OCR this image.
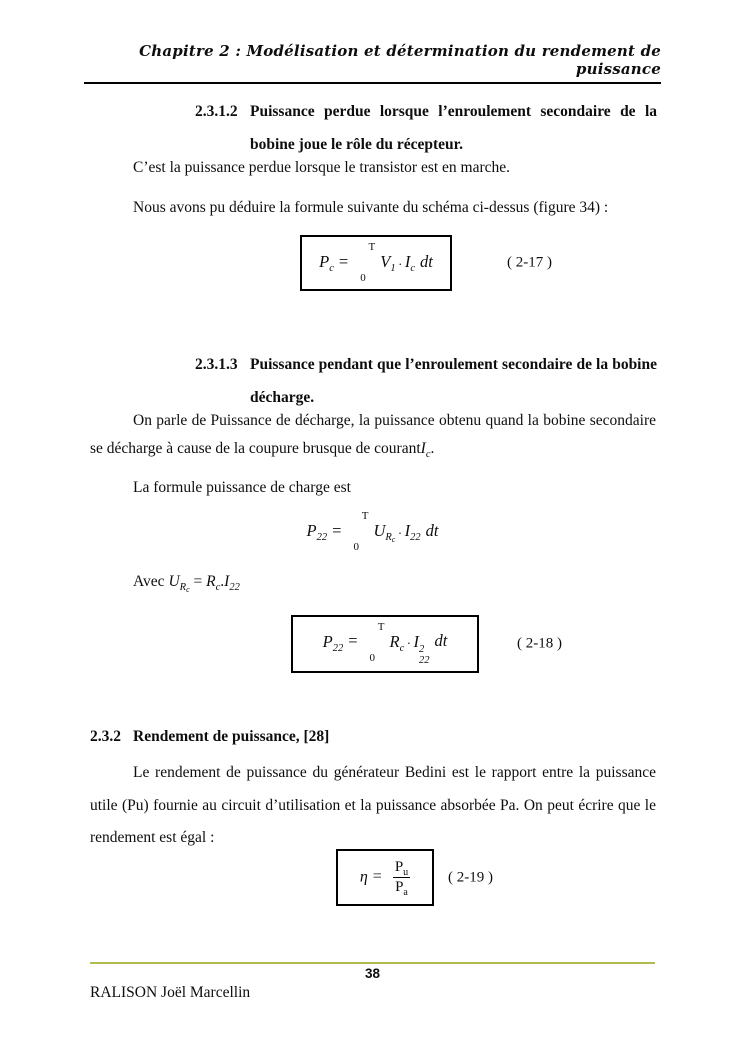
Chapitre 2 : Modélisation et détermination du rendement de puissance
2.3.1.2 Puissance perdue lorsque l’enroulement secondaire de la bobine joue le rôle du récepteur.

C’est la puissance perdue lorsque le transistor est en marche.

Nous avons pu déduire la formule suivante du schéma ci-dessus (figure 34) :

$P_c$ =
T
0
$V_1$. $I_c$ dt	( 2-17 )
2.3.1.3 Puissance pendant que l’enroulement secondaire de la bobine décharge.

On parle de Puissance de décharge, la puissance obtenu quand la bobine secondaire se décharge à cause de la coupure brusque de courantI$_c$.

La formule puissance de charge est

$P_{22}$ =
T
0
$U_{Rc}$. $I_{22}$ dt

Avec $U_{Rc} = R_c.I_{22}$

$P_{22}$ =
T
0
$R_c$. I 2
22
dt	( 2-18 )
2.3.2 Rendement de puissance, [28]

Le rendement de puissance du générateur Bedini est le rapport entre la puissance utile (Pu) fournie au circuit d’utilisation et la puissance absorbée Pa. On peut écrire que le rendement est égal :

$\eta = \frac{P_u}{P_a}$	( 2-19 )
38
RALISON Joël Marcellin
